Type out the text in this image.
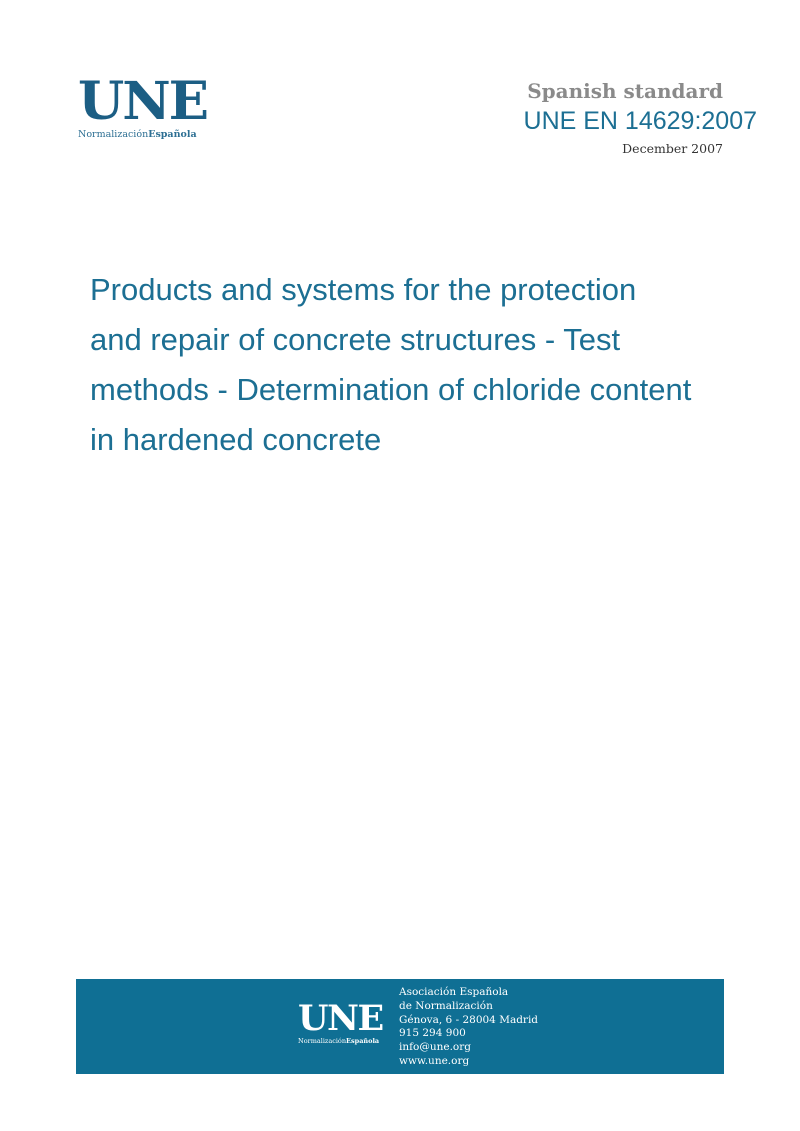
UNE
NormalizaciónEspañola
Spanish standard
UNE EN 14629:2007
December 2007
Products and systems for the protection
and repair of concrete structures - Test
methods - Determination of chloride content
in hardened concrete
UNE
NormalizaciónEspañola
Asociación Española
de Normalización
Génova, 6 - 28004 Madrid
915 294 900
info@une.org
www.une.org
